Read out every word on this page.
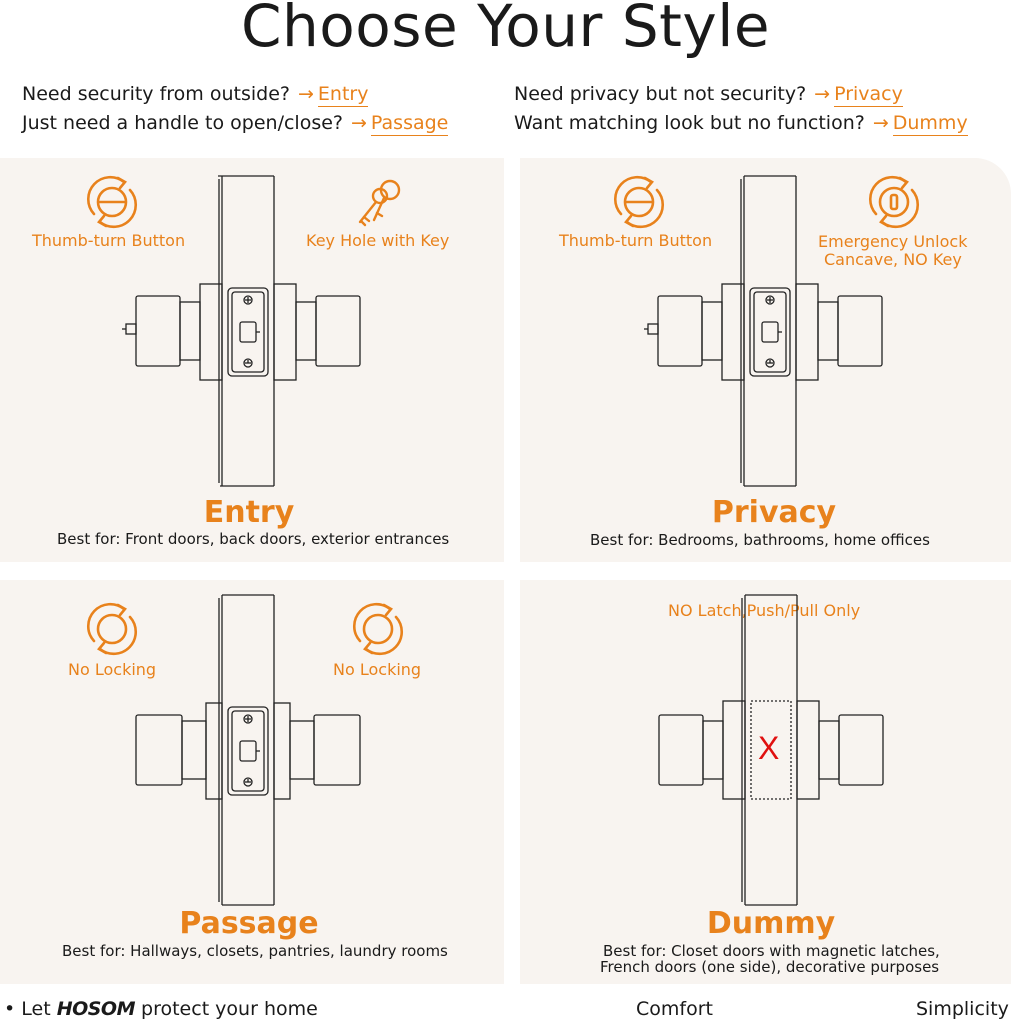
Choose Your Style
Need security from outside? → Entry
Just need a handle to open/close? → Passage
Need privacy but not security? → Privacy
Want matching look but no function? → Dummy
Thumb-turn Button	Key Hole with Key
Entry
Best for: Front doors, back doors, exterior entrances
Thumb-turn Button	Emergency Unlock
Cancave, NO Key
Privacy
Best for: Bedrooms, bathrooms, home offices
No Locking	No Locking
Passage
Best for: Hallways, closets, pantries, laundry rooms
NO Latch,Push/Pull Only
X
Dummy
Best for: Closet doors with magnetic latches,
French doors (one side), decorative purposes
• Let HOSOM protect your home	Comfort	Simplicity
